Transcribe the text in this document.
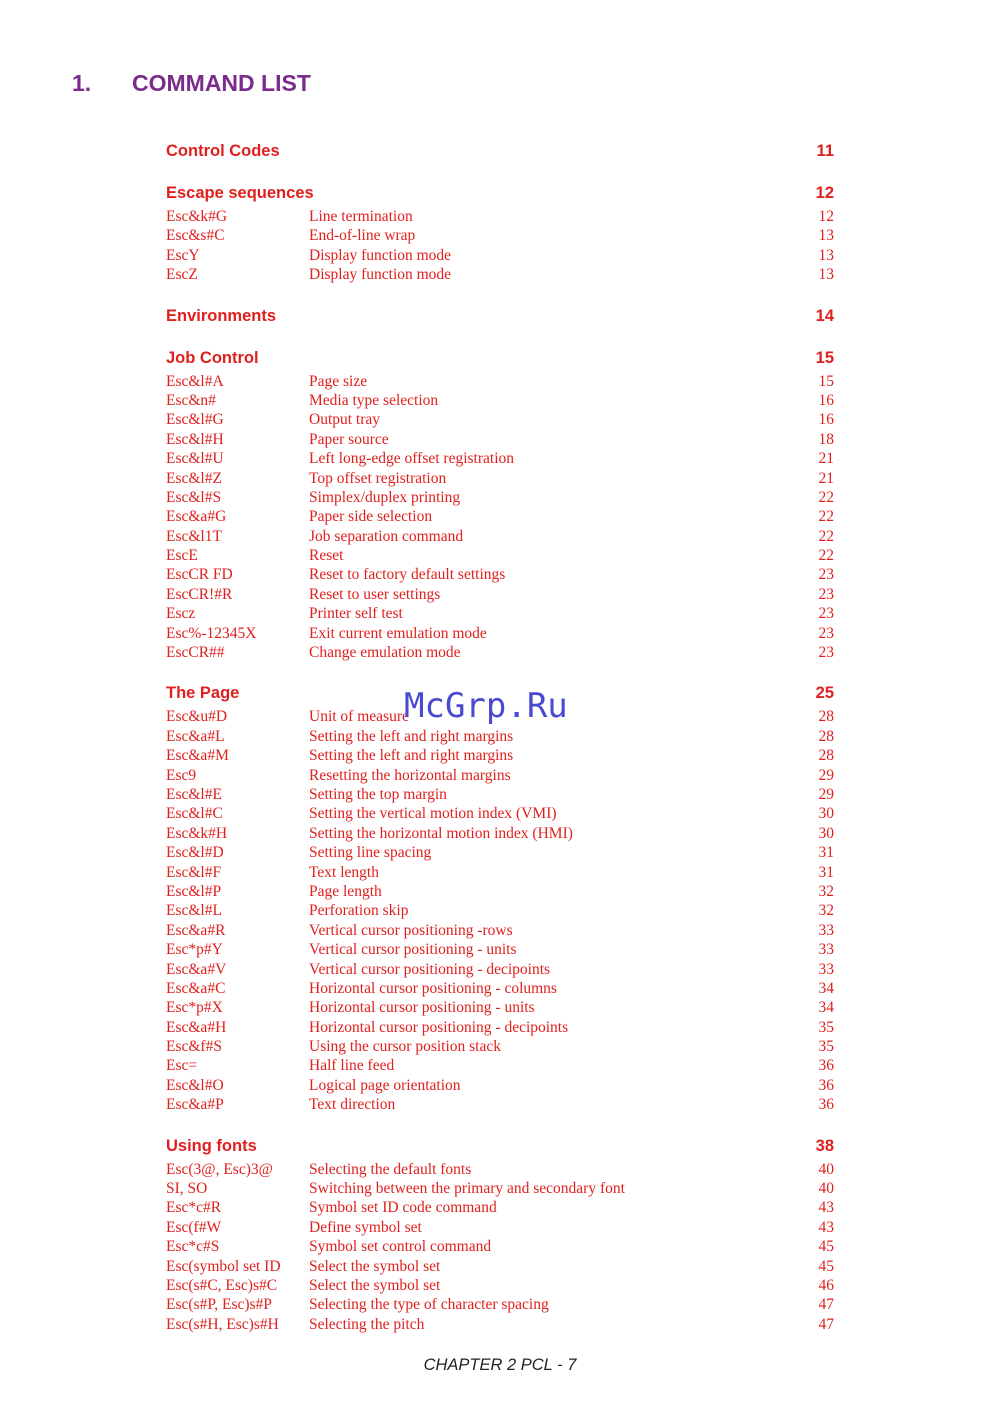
1.	COMMAND LIST
Control Codes	11
Escape sequences	12
Esc&k#G	Line termination	12
Esc&s#C	End-of-line wrap	13
EscY	Display function mode	13
EscZ	Display function mode	13
Environments	14
Job Control	15
Esc&l#A	Page size	15
Esc&n#	Media type selection	16
Esc&l#G	Output tray	16
Esc&l#H	Paper source	18
Esc&l#U	Left long-edge offset registration	21
Esc&l#Z	Top offset registration	21
Esc&l#S	Simplex/duplex printing	22
Esc&a#G	Paper side selection	22
Esc&l1T	Job separation command	22
EscE	Reset	22
EscCR FD	Reset to factory default settings	23
EscCR!#R	Reset to user settings	23
Escz	Printer self test	23
Esc%-12345X	Exit current emulation mode	23
EscCR##	Change emulation mode	23
The Page	25
Esc&u#D	Unit of measure	28
Esc&a#L	Setting the left and right margins	28
Esc&a#M	Setting the left and right margins	28
Esc9	Resetting the horizontal margins	29
Esc&l#E	Setting the top margin	29
Esc&l#C	Setting the vertical motion index (VMI)	30
Esc&k#H	Setting the horizontal motion index (HMI)	30
Esc&l#D	Setting line spacing	31
Esc&l#F	Text length	31
Esc&l#P	Page length	32
Esc&l#L	Perforation skip	32
Esc&a#R	Vertical cursor positioning -rows	33
Esc*p#Y	Vertical cursor positioning - units	33
Esc&a#V	Vertical cursor positioning - decipoints	33
Esc&a#C	Horizontal cursor positioning - columns	34
Esc*p#X	Horizontal cursor positioning - units	34
Esc&a#H	Horizontal cursor positioning - decipoints	35
Esc&f#S	Using the cursor position stack	35
Esc=	Half line feed	36
Esc&l#O	Logical page orientation	36
Esc&a#P	Text direction	36
Using fonts	38
Esc(3@, Esc)3@	Selecting the default fonts	40
SI, SO	Switching between the primary and secondary font	40
Esc*c#R	Symbol set ID code command	43
Esc(f#W	Define symbol set	43
Esc*c#S	Symbol set control command	45
Esc(symbol set ID	Select the symbol set	45
Esc(s#C, Esc)s#C	Select the symbol set	46
Esc(s#P, Esc)s#P	Selecting the type of character spacing	47
Esc(s#H, Esc)s#H	Selecting the pitch	47
McGrp.Ru
CHAPTER 2 PCL - 7
